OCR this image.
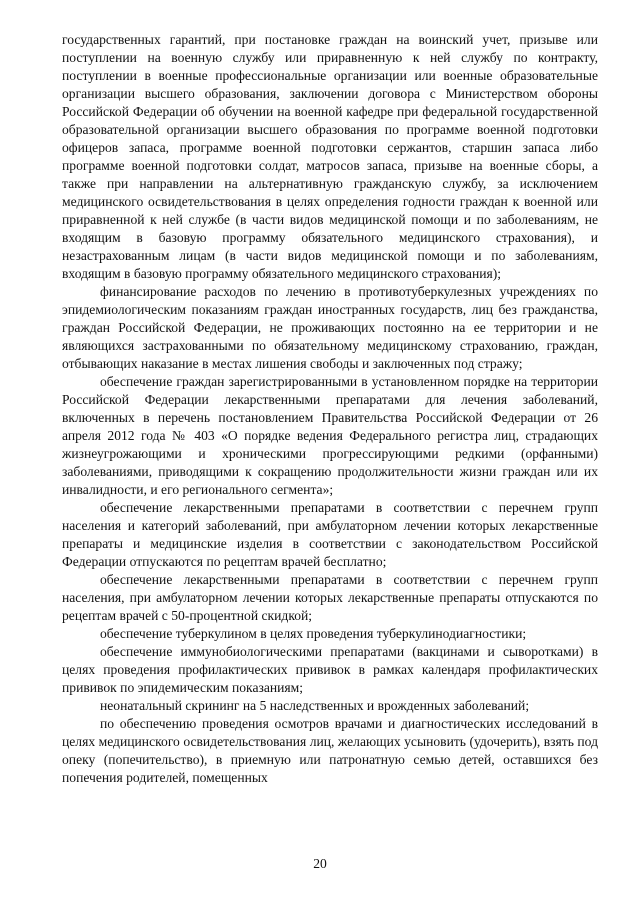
государственных гарантий, при постановке граждан на воинский учет, призыве или поступлении на военную службу или приравненную к ней службу по контракту, поступлении в военные профессиональные организации или военные образовательные организации высшего образования, заключении договора с Министерством обороны Российской Федерации об обучении на военной кафедре при федеральной государственной образовательной организации высшего образования по программе военной подготовки офицеров запаса, программе военной подготовки сержантов, старшин запаса либо программе военной подготовки солдат, матросов запаса, призыве на военные сборы, а также при направлении на альтернативную гражданскую службу, за исключением медицинского освидетельствования в целях определения годности граждан к военной или приравненной к ней службе (в части видов медицинской помощи и по заболеваниям, не входящим в базовую программу обязательного медицинского страхования), и незастрахованным лицам (в части видов медицинской помощи и по заболеваниям, входящим в базовую программу обязательного медицинского страхования);

финансирование расходов по лечению в противотуберкулезных учреждениях по эпидемиологическим показаниям граждан иностранных государств, лиц без гражданства, граждан Российской Федерации, не проживающих постоянно на ее территории и не являющихся застрахованными по обязательному медицинскому страхованию, граждан, отбывающих наказание в местах лишения свободы и заключенных под стражу;

обеспечение граждан зарегистрированными в установленном порядке на территории Российской Федерации лекарственными препаратами для лечения заболеваний, включенных в перечень постановлением Правительства Российской Федерации от 26 апреля 2012 года № 403 «О порядке ведения Федерального регистра лиц, страдающих жизнеугрожающими и хроническими прогрессирующими редкими (орфанными) заболеваниями, приводящими к сокращению продолжительности жизни граждан или их инвалидности, и его регионального сегмента»;

обеспечение лекарственными препаратами в соответствии с перечнем групп населения и категорий заболеваний, при амбулаторном лечении которых лекарственные препараты и медицинские изделия в соответствии с законодательством Российской Федерации отпускаются по рецептам врачей бесплатно;

обеспечение лекарственными препаратами в соответствии с перечнем групп населения, при амбулаторном лечении которых лекарственные препараты отпускаются по рецептам врачей с 50-процентной скидкой;

обеспечение туберкулином в целях проведения туберкулинодиагностики;

обеспечение иммунобиологическими препаратами (вакцинами и сыворотками) в целях проведения профилактических прививок в рамках календаря профилактических прививок по эпидемическим показаниям;

неонатальный скрининг на 5 наследственных и врожденных заболеваний;

по обеспечению проведения осмотров врачами и диагностических исследований в целях медицинского освидетельствования лиц, желающих усыновить (удочерить), взять под опеку (попечительство), в приемную или патронатную семью детей, оставшихся без попечения родителей, помещенных

20
